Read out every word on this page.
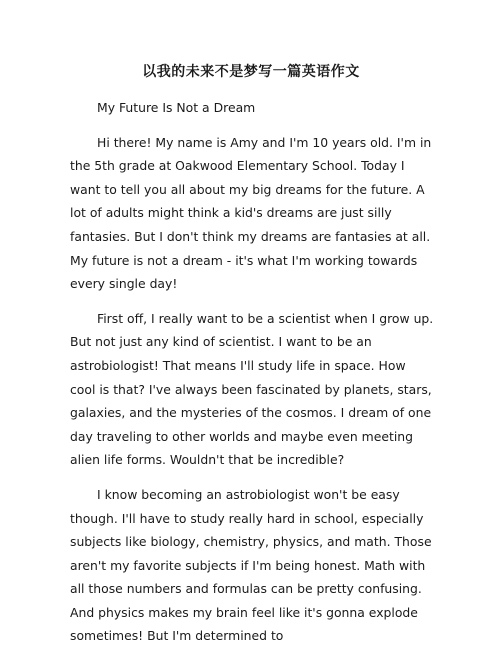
以我的未来不是梦写一篇英语作文

My Future Is Not a Dream

Hi there! My name is Amy and I'm 10 years old. I'm in the 5th grade at Oakwood Elementary School. Today I want to tell you all about my big dreams for the future. A lot of adults might think a kid's dreams are just silly fantasies. But I don't think my dreams are fantasies at all. My future is not a dream - it's what I'm working towards every single day!

First off, I really want to be a scientist when I grow up. But not just any kind of scientist. I want to be an astrobiologist! That means I'll study life in space. How cool is that? I've always been fascinated by planets, stars, galaxies, and the mysteries of the cosmos. I dream of one day traveling to other worlds and maybe even meeting alien life forms. Wouldn't that be incredible?

I know becoming an astrobiologist won't be easy though. I'll have to study really hard in school, especially subjects like biology, chemistry, physics, and math. Those aren't my favorite subjects if I'm being honest. Math with all those numbers and formulas can be pretty confusing. And physics makes my brain feel like it's gonna explode sometimes! But I'm determined to
